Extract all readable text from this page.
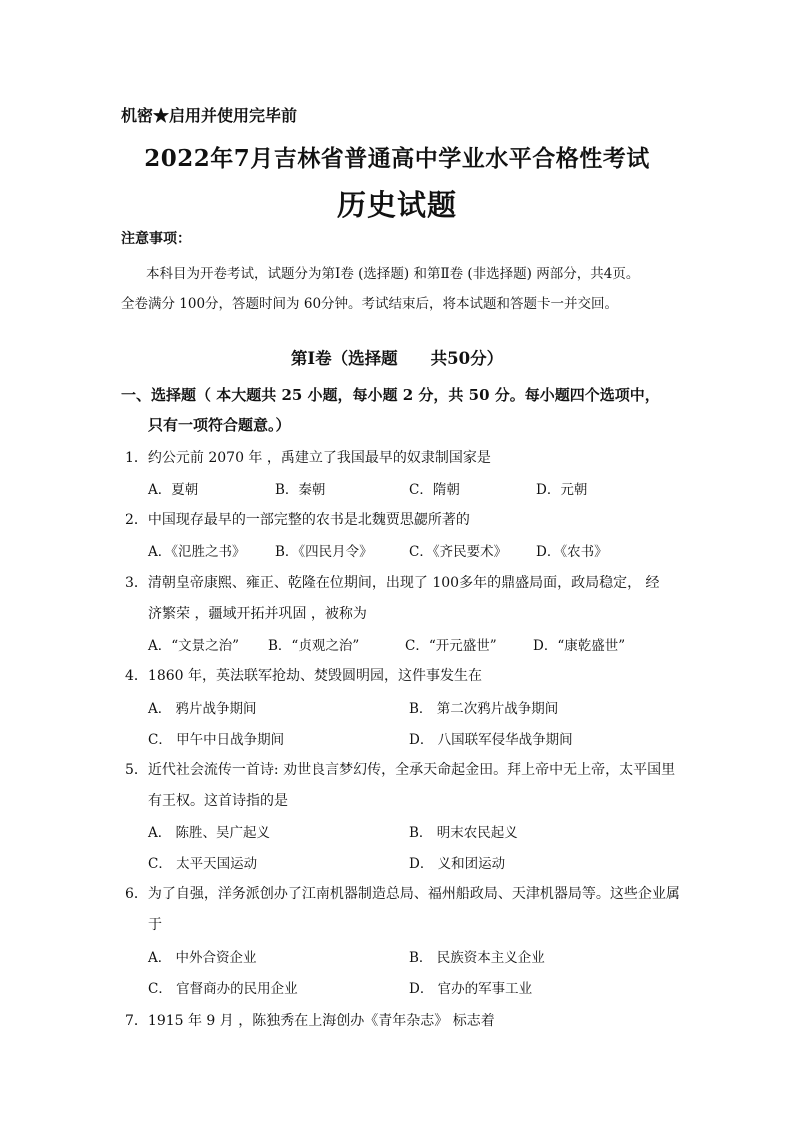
机密★启用并使用完毕前
2022年7月吉林省普通高中学业水平合格性考试
历史试题
注意事项：
本科目为开卷考试，试题分为第Ⅰ卷 (选择题) 和第Ⅱ卷 (非选择题) 两部分，共4页。
全卷满分 100分，答题时间为 60分钟。考试结束后，将本试题和答题卡一并交回。
第Ⅰ卷（选择题　　共50分）
一、选择题（ 本大题共 25 小题，每小题 2 分，共 50 分。每小题四个选项中，
只有一项符合题意。）
1．约公元前 2070 年 ，禹建立了我国最早的奴隶制国家是
A．夏朝	B．秦朝	C．隋朝	D．元朝
2．中国现存最早的一部完整的农书是北魏贾思勰所著的
A．《氾胜之书》 B．《四民月令》	C．《齐民要术》 D．《农书》
3．清朝皇帝康熙、雍正、乾隆在位期间，出现了 100多年的鼎盛局面，政局稳定， 经
济繁荣 ，疆域开拓并巩固 ，被称为
A．“文景之治” B．“贞观之治”	C．“开元盛世”	D．“康乾盛世”
4．1860 年，英法联军抢劫、焚毁圆明园，这件事发生在
A． 鸦片战争期间	B． 第二次鸦片战争期间
C． 甲午中日战争期间	D． 八国联军侵华战争期间
5．近代社会流传一首诗: 劝世良言梦幻传，全承天命起金田。拜上帝中无上帝，太平国里
有王权。这首诗指的是
A． 陈胜、吴广起义	B． 明末农民起义
C． 太平天国运动	D． 义和团运动
6．为了自强，洋务派创办了江南机器制造总局、福州船政局、天津机器局等。这些企业属
于
A． 中外合资企业	B． 民族资本主义企业
C． 官督商办的民用企业	D． 官办的军事工业
7．1915 年 9 月 ，陈独秀在上海创办《青年杂志》 标志着
